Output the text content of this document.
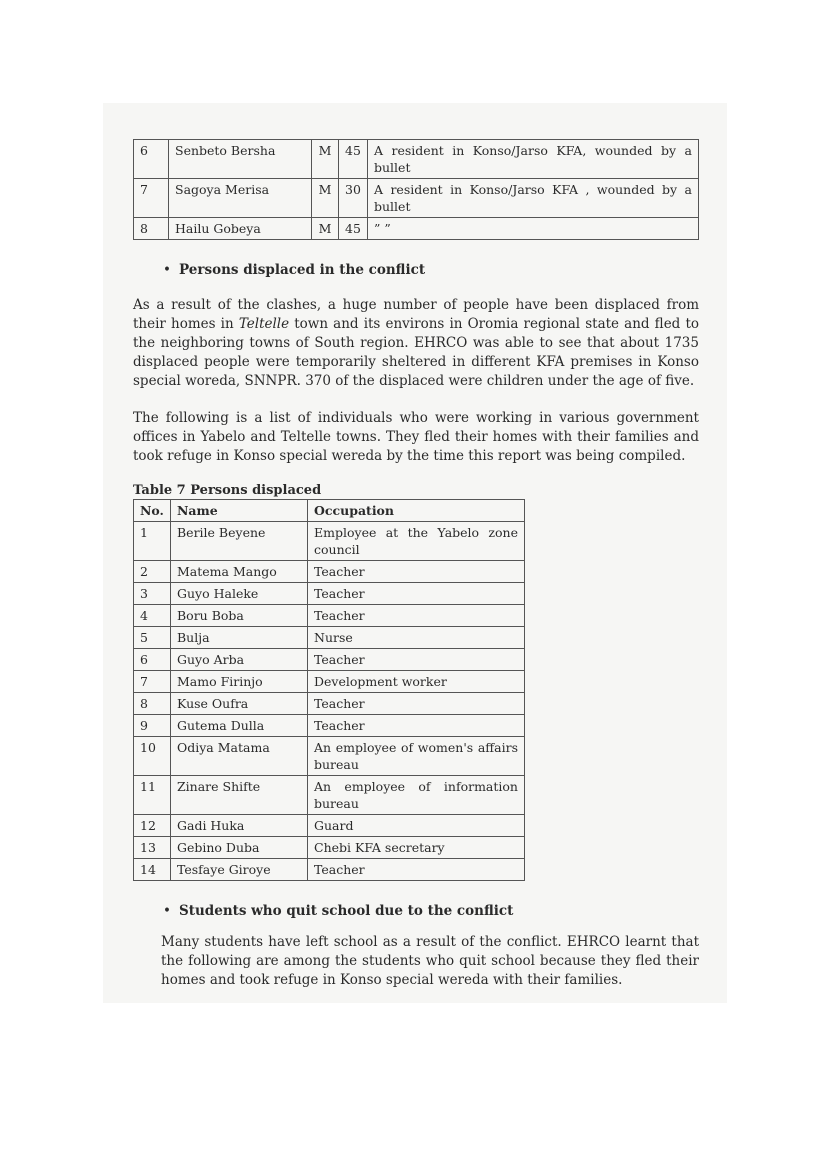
6	Senbeto Bersha	M	45	A resident in Konso/Jarso KFA, wounded by a bullet
7	Sagoya Merisa	M	30	A resident in Konso/Jarso KFA , wounded by a bullet
8	Hailu Gobeya	M	45	” ”
• Persons displaced in the conflict

As a result of the clashes, a huge number of people have been displaced from their homes in Teltelle town and its environs in Oromia regional state and fled to the neighboring towns of South region. EHRCO was able to see that about 1735 displaced people were temporarily sheltered in different KFA premises in Konso special woreda, SNNPR. 370 of the displaced were children under the age of five.

The following is a list of individuals who were working in various government offices in Yabelo and Teltelle towns. They fled their homes with their families and took refuge in Konso special wereda by the time this report was being compiled.

Table 7 Persons displaced
No.	Name	Occupation
1	Berile Beyene	Employee at the Yabelo zone council
2	Matema Mango	Teacher
3	Guyo Haleke	Teacher
4	Boru Boba	Teacher
5	Bulja	Nurse
6	Guyo Arba	Teacher
7	Mamo Firinjo	Development worker
8	Kuse Oufra	Teacher
9	Gutema Dulla	Teacher
10	Odiya Matama	An employee of women's affairs bureau
11	Zinare Shifte	An employee of information bureau
12	Gadi Huka	Guard
13	Gebino Duba	Chebi KFA secretary
14	Tesfaye Giroye	Teacher
• Students who quit school due to the conflict

Many students have left school as a result of the conflict. EHRCO learnt that the following are among the students who quit school because they fled their homes and took refuge in Konso special wereda with their families.
